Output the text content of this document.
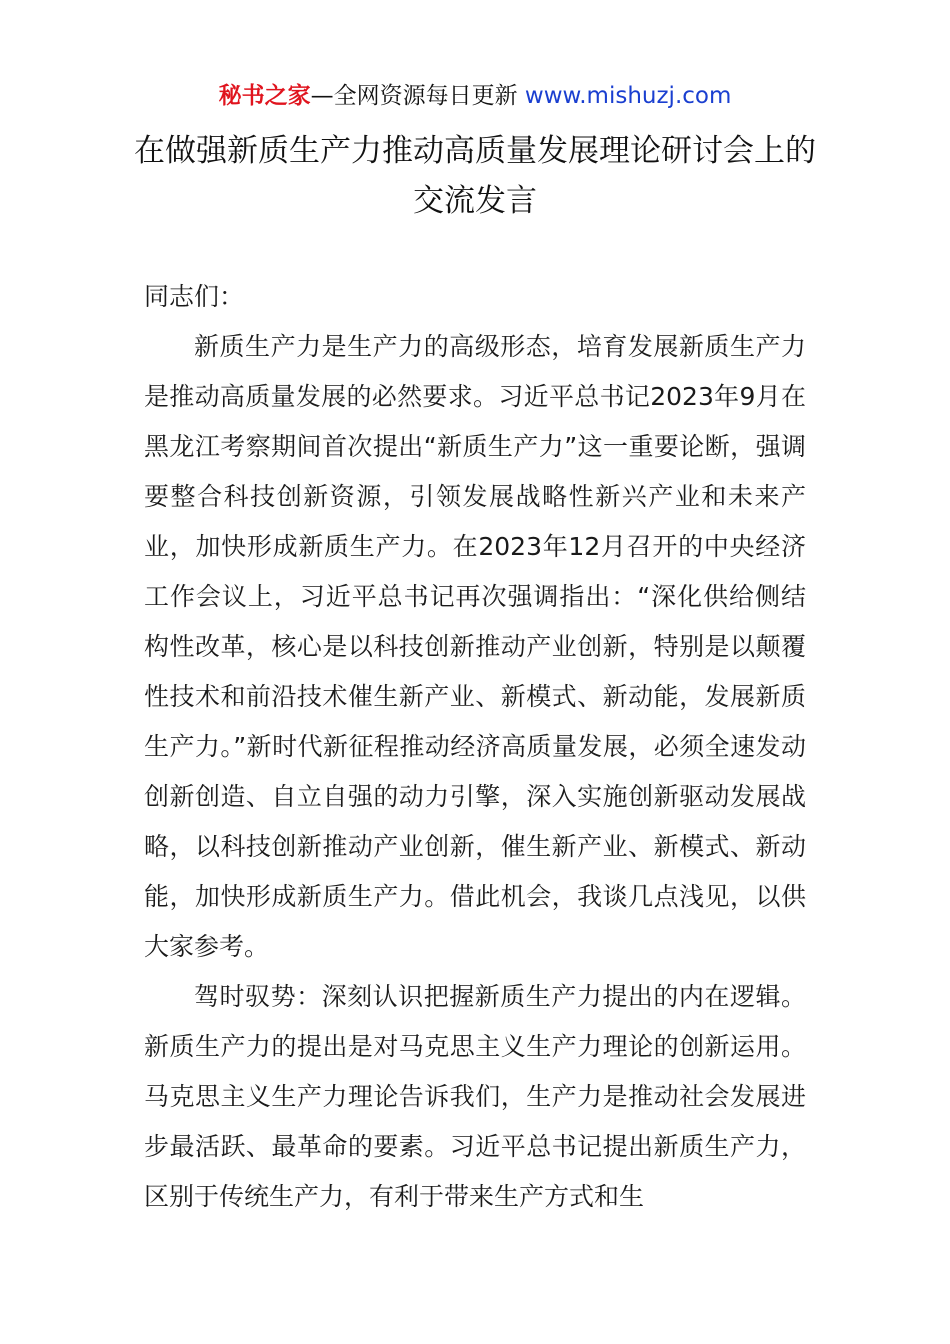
秘书之家—全网资源每日更新 www.mishuzj.com
在做强新质生产力推动高质量发展理论研讨会上的交流发言

同志们：

新质生产力是生产力的高级形态，培育发展新质生产力是推动高质量发展的必然要求。习近平总书记2023年9月在黑龙江考察期间首次提出“新质生产力”这一重要论断，强调要整合科技创新资源，引领发展战略性新兴产业和未来产业，加快形成新质生产力。在2023年12月召开的中央经济工作会议上，习近平总书记再次强调指出：“深化供给侧结构性改革，核心是以科技创新推动产业创新，特别是以颠覆性技术和前沿技术催生新产业、新模式、新动能，发展新质生产力。”新时代新征程推动经济高质量发展，必须全速发动创新创造、自立自强的动力引擎，深入实施创新驱动发展战略，以科技创新推动产业创新，催生新产业、新模式、新动能，加快形成新质生产力。借此机会，我谈几点浅见，以供大家参考。

驾时驭势：深刻认识把握新质生产力提出的内在逻辑。新质生产力的提出是对马克思主义生产力理论的创新运用。马克思主义生产力理论告诉我们，生产力是推动社会发展进步最活跃、最革命的要素。习近平总书记提出新质生产力，区别于传统生产力，有利于带来生产方式和生
